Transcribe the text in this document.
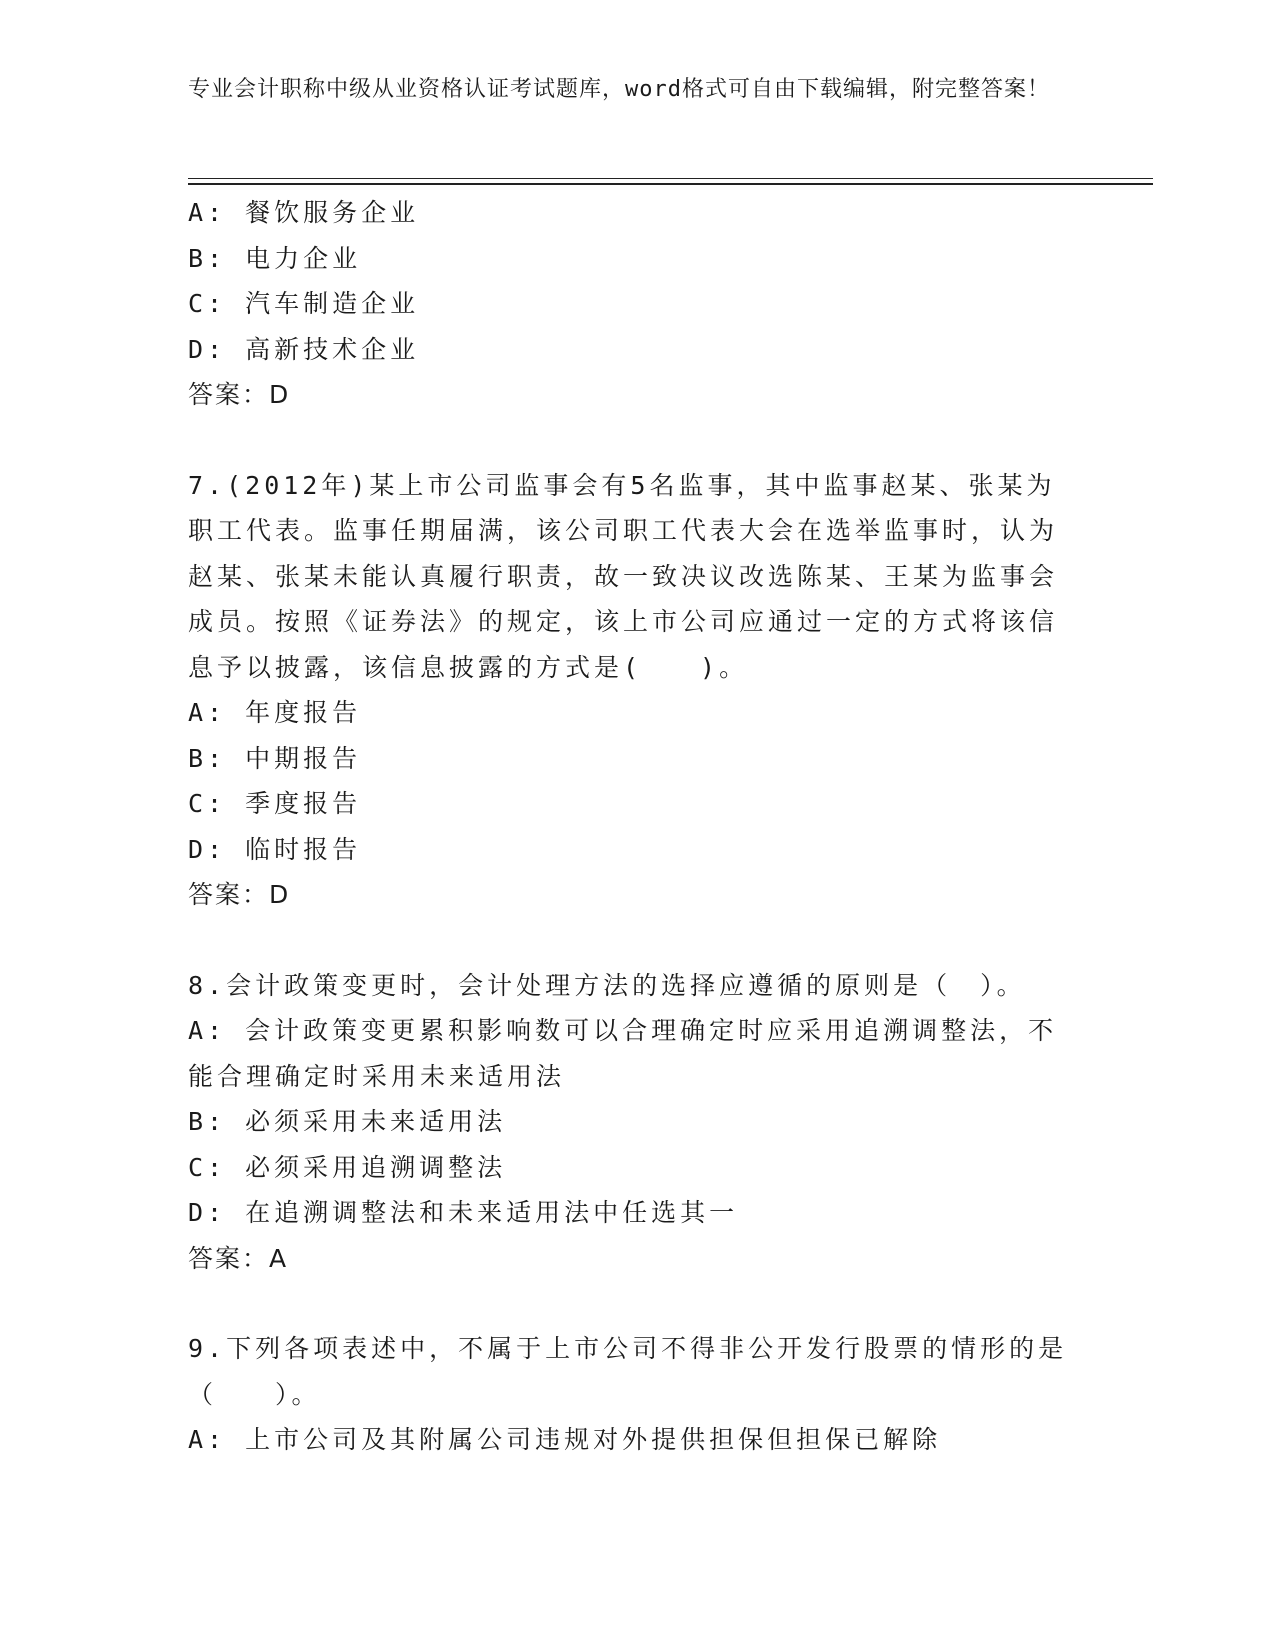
专业会计职称中级从业资格认证考试题库，word格式可自由下载编辑，附完整答案！
A: 餐饮服务企业
B: 电力企业
C: 汽车制造企业
D: 高新技术企业
答案：D
7.(2012年)某上市公司监事会有5名监事，其中监事赵某、张某为职工代表。监事任期届满，该公司职工代表大会在选举监事时，认为赵某、张某未能认真履行职责，故一致决议改选陈某、王某为监事会成员。按照《证券法》的规定，该上市公司应通过一定的方式将该信息予以披露，该信息披露的方式是(　　)。
A: 年度报告
B: 中期报告
C: 季度报告
D: 临时报告
答案：D
8.会计政策变更时，会计处理方法的选择应遵循的原则是（　）。
A: 会计政策变更累积影响数可以合理确定时应采用追溯调整法，不能合理确定时采用未来适用法
B: 必须采用未来适用法
C: 必须采用追溯调整法
D: 在追溯调整法和未来适用法中任选其一
答案：A
9.下列各项表述中，不属于上市公司不得非公开发行股票的情形的是（　　）。
A: 上市公司及其附属公司违规对外提供担保但担保已解除
